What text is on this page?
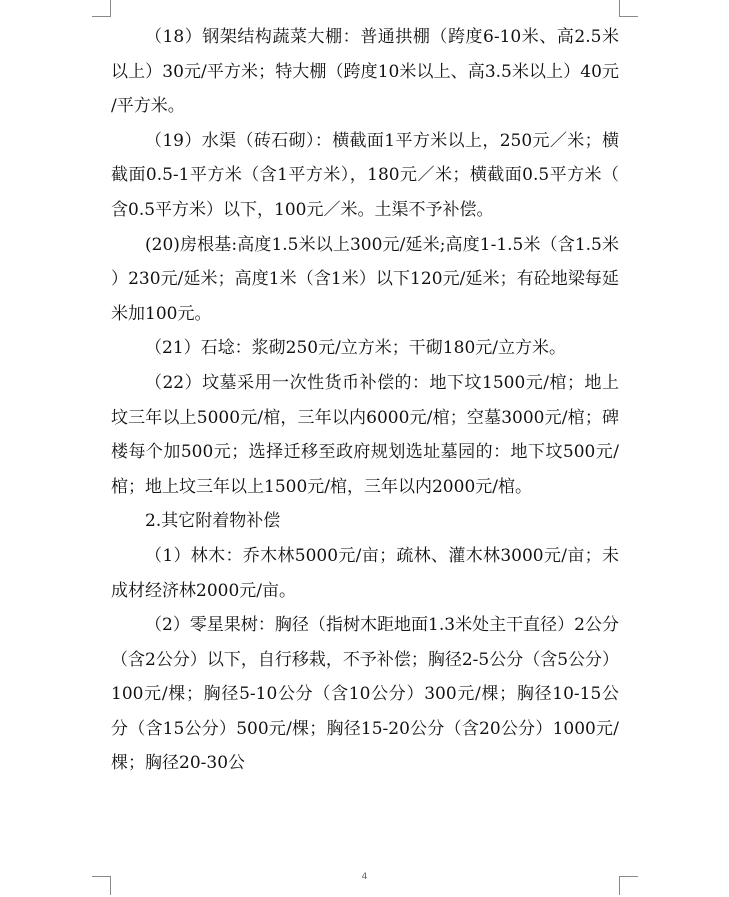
（18）钢架结构蔬菜大棚：普通拱棚（跨度6-10米、高2.5米以上）30元/平方米；特大棚（跨度10米以上、高3.5米以上）40元/平方米。

（19）水渠（砖石砌）：横截面1平方米以上，250元／米；横截面0.5-1平方米（含1平方米），180元／米；横截面0.5平方米（含0.5平方米）以下，100元／米。土渠不予补偿。

(20)房根基:高度1.5米以上300元/延米;高度1-1.5米（含1.5米）230元/延米；高度1米（含1米）以下120元/延米；有砼地梁每延米加100元。

（21）石埝：浆砌250元/立方米；干砌180元/立方米。

（22）坟墓采用一次性货币补偿的：地下坟1500元/棺；地上坟三年以上5000元/棺，三年以内6000元/棺；空墓3000元/棺；碑楼每个加500元；选择迁移至政府规划选址墓园的：地下坟500元/棺；地上坟三年以上1500元/棺，三年以内2000元/棺。

2.其它附着物补偿

（1）林木：乔木林5000元/亩；疏林、灌木林3000元/亩；未成材经济林2000元/亩。

（2）零星果树：胸径（指树木距地面1.3米处主干直径）2公分（含2公分）以下，自行移栽，不予补偿；胸径2-5公分（含5公分）100元/棵；胸径5-10公分（含10公分）300元/棵；胸径10-15公分（含15公分）500元/棵；胸径15-20公分（含20公分）1000元/棵；胸径20-30公

4
